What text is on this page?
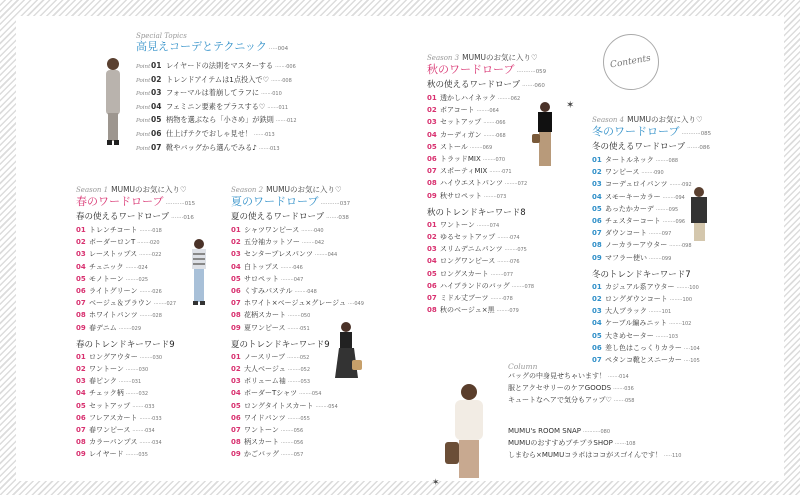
Contents
✶
✶
Special Topics
高見えコーデとテクニック ·····004
Point01 レイヤードの法則をマスターする ·······006
Point02 トレンドアイテムは1点投入で♡ ·······008
Point03 フォーマルは着崩してラフに ·······010
Point04 フェミニン要素をプラスする♡ ·······011
Point05 柄物を選ぶなら「小さめ」が鉄則 ·······012
Point06 仕上げテクでおしゃ見せ！ ·······013
Point07 靴やバッグから選んでみる♪ ·······013
Season 1 MUMUのお気に入り♡
春のワードローブ ···········015
春の使えるワードローブ ·······016
01 トレンチコート ········018
02 ボーダーロンT ········020
03 レーストップス ········022
04 チュニック ········024
05 モノトーン ········025
06 ライトグリーン ········026
07 ベージュ＆ブラウン ········027
08 ホワイトパンツ ········028
09 春デニム ········029
春のトレンドキーワード9
01 ロングアウター ········030
02 ワントーン ········030
03 春ピンク ········031
04 チェック柄 ········032
05 セットアップ ········033
06 フレアスカート ········033
07 春ワンピース ········034
08 カラーパンプス ········034
09 レイヤード ········035
Season 2 MUMUのお気に入り♡
夏のワードローブ ···········037
夏の使えるワードローブ ·······038
01 シャツワンピース ········040
02 五分袖カットソー ········042
03 センタープレスパンツ ········044
04 白トップス ········046
05 サロペット ········047
06 くすみパステル ········048
07 ホワイト×ベージュ×グレージュ ····049
08 花柄スカート ········050
09 夏ワンピース ········051
夏のトレンドキーワード9
01 ノースリーブ ········052
02 大人ベージュ ········052
03 ボリューム袖 ········053
04 ボーダーTシャツ ········054
05 ロングタイトスカート ········054
06 ワイドパンツ ········055
07 ワントーン ········056
08 柄スカート ········056
09 かごバッグ ········057
Season 3 MUMUのお気に入り♡
秋のワードローブ ···········059
秋の使えるワードローブ ·······060
01 透かしハイネック ········062
02 ボアコート ········064
03 セットアップ ········066
04 カーディガン ········068
05 ストール ········069
06 トラッドMIX ········070
07 スポーティMIX ········071
08 ハイウエストパンツ ········072
09 秋サロペット ········073
秋のトレンドキーワード8
01 ワントーン ········074
02 ゆるセットアップ ········074
03 スリムデニムパンツ ········075
04 ロングワンピース ········076
05 ロングスカート ········077
06 ハイブランドのバッグ ········078
07 ミドル丈ブーツ ········078
08 秋のベージュ×黒 ········079
Season 4 MUMUのお気に入り♡
冬のワードローブ ···········085
冬の使えるワードローブ ·······086
01 タートルネック ········088
02 ワンピース ········090
03 コーデュロイパンツ ········092
04 スモーキーカラー ········094
05 あったかカーデ ········095
06 チェスターコート ········096
07 ダウンコート ········097
08 ノーカラーアウター ········098
09 マフラー使い ········099
冬のトレンドキーワード7
01 カジュアル系アウター ········100
02 ロングダウンコート ········100
03 大人ブラック ········101
04 ケーブル編みニット ········102
05 大きめセーター ········103
06 差し色はこっくりカラー ····104
07 ペタンコ靴とスニーカー ····105
Column
バッグの中身見せちゃいます！ ·······014
服とアクセサリーのケアGOODS ·······036
キュートなヘアで気分もアップ♡ ·······058
MUMU's ROOM SNAP ···········080
MUMUのおすすめプチプラSHOP ·······108
しまむら×MUMUコラボはココがスゴイんです！ ·····110
